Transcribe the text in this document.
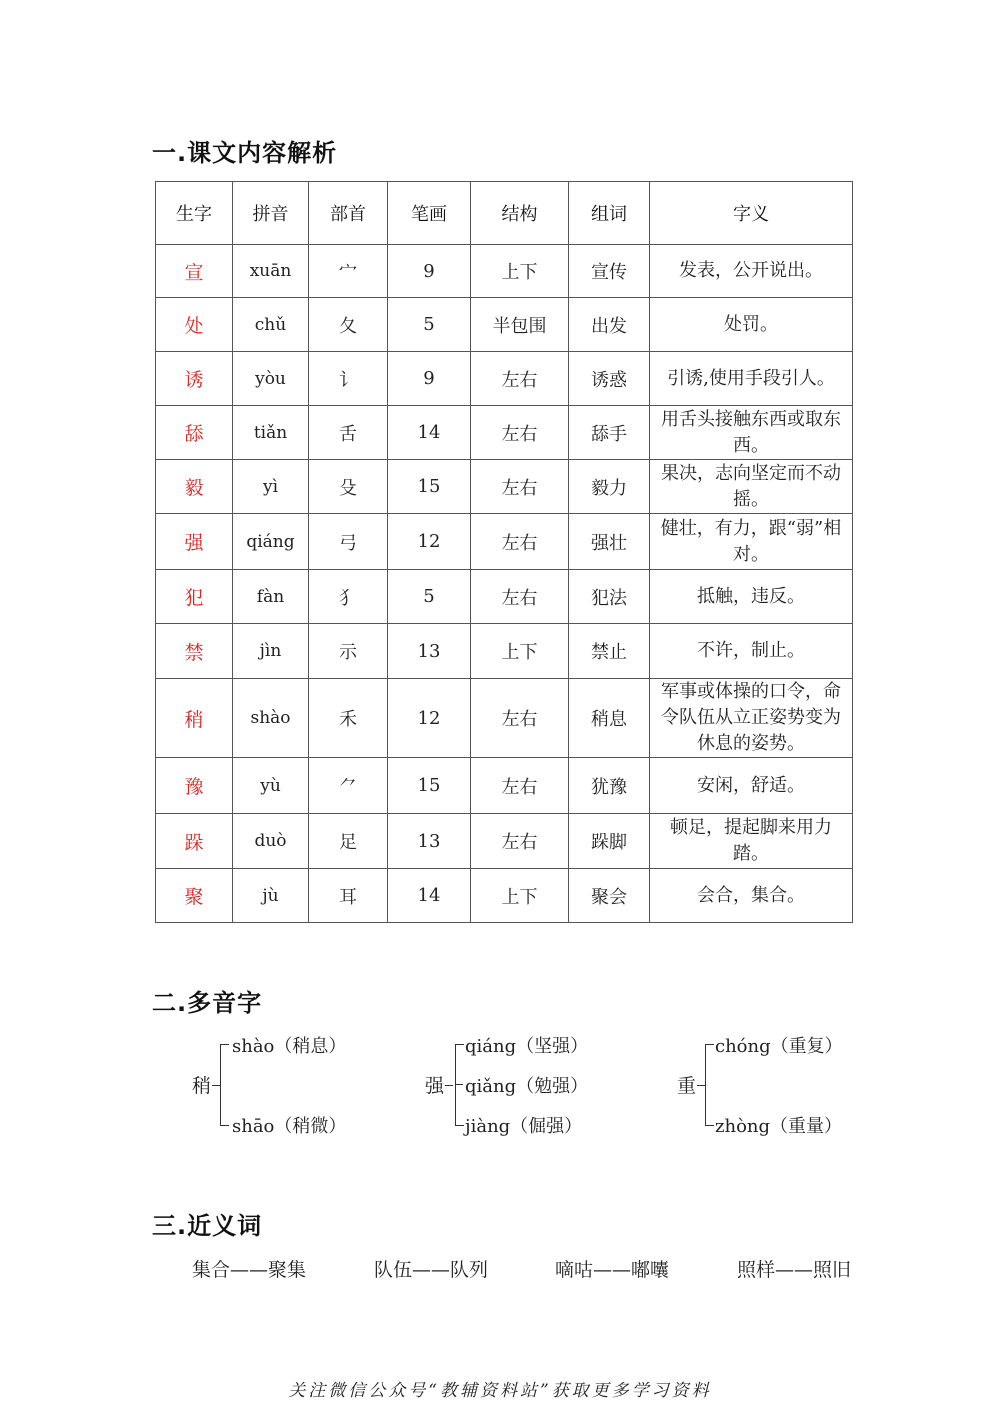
一.课文内容解析
生字	拼音	部首	笔画	结构	组词	字义
宣	xuān	宀	9	上下	宣传	发表，公开说出。
处	chǔ	夂	5	半包围	出发	处罚。
诱	yòu	讠	9	左右	诱惑	引诱,使用手段引人。
舔	tiǎn	舌	14	左右	舔手	用舌头接触东西或取东西。
毅	yì	殳	15	左右	毅力	果决，志向坚定而不动摇。
强	qiáng	弓	12	左右	强壮	健壮，有力，跟“弱”相对。
犯	fàn	犭	5	左右	犯法	抵触，违反。
禁	jìn	示	13	上下	禁止	不许，制止。
稍	shào	禾	12	左右	稍息	军事或体操的口令，命令队伍从立正姿势变为休息的姿势。
豫	yù	⺈	15	左右	犹豫	安闲，舒适。
跺	duò	足	13	左右	跺脚	顿足，提起脚来用力踏。
聚	jù	耳	14	上下	聚会	会合，集合。
二.多音字
稍
shào（稍息）
shāo（稍微）
强
qiáng（坚强）
qiǎng（勉强）
jiàng（倔强）
重
chóng（重复）
zhòng（重量）
三.近义词
集合——聚集	队伍——队列	嘀咕——嘟囔	照样——照旧
关注微信公众号“教辅资料站”获取更多学习资料
